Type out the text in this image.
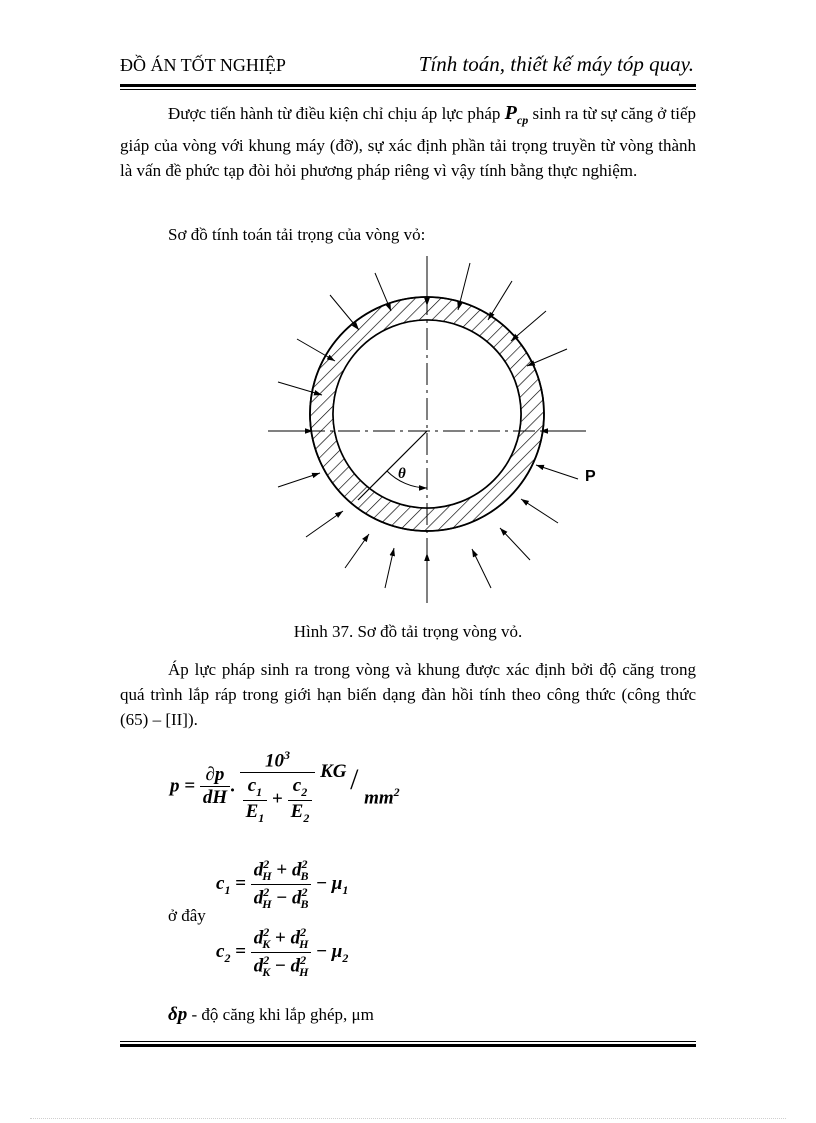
ĐỒ ÁN TỐT NGHIỆP	Tính toán, thiết kế máy tóp quay.

Được tiến hành từ điều kiện chỉ chịu áp lực pháp $P_{cp}$ sinh ra từ sự căng ở tiếp giáp của vòng với khung máy (đỡ), sự xác định phần tải trọng truyền từ vòng thành là vấn đề phức tạp đòi hỏi phương pháp riêng vì vậy tính bằng thực nghiệm.

Sơ đồ tính toán tải trọng của vòng vỏ:

θ	P
Hình 37. Sơ đồ tải trọng vòng vỏ.

Áp lực pháp sinh ra trong vòng và khung được xác định bởi độ căng trong quá trình lắp ráp trong giới hạn biến dạng đàn hồi tính theo công thức (công thức (65) – [II]).

$p = \frac{\partial p}{dH}$ . $\frac{10^3}{\frac{c_1}{E_1} + \frac{c_2}{E_2}}$
KG /
$mm^2$
$c_1 = \frac{d^2_H + d^2_B}{d^2_H - d^2_B} - \mu_1$
ở đây
$c_2 = \frac{d^2_K + d^2_H}{d^2_K - d^2_H} - \mu_2$
δp - độ căng khi lắp ghép, μm
